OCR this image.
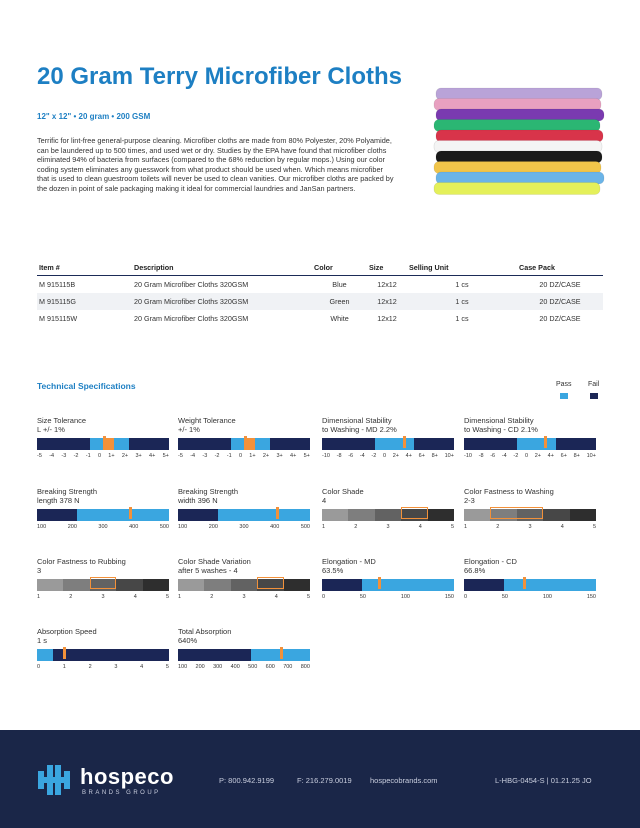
20 Gram Terry Microfiber Cloths
12" x 12" • 20 gram • 200 GSM
Terrific for lint-free general-purpose cleaning. Microfiber cloths are made from 80% Polyester, 20% Polyamide, can be laundered up to 500 times, and used wet or dry. Studies by the EPA have found that microfiber cloths eliminated 94% of bacteria from surfaces (compared to the 68% reduction by regular mops.) Using our color coding system eliminates any guesswork from what product should be used when. Which means microfiber that is used to clean guestroom toilets will never be used to clean vanities. Our microfiber cloths are packed by the dozen in point of sale packaging making it ideal for commercial laundries and JanSan partners.
Item #	Description	Color	Size	Selling Unit	Case Pack
M 915115B	20 Gram Microfiber Cloths 320GSM	Blue	12x12	1 cs	20 DZ/CASE
M 915115G	20 Gram Microfiber Cloths 320GSM	Green	12x12	1 cs	20 DZ/CASE
M 915115W	20 Gram Microfiber Cloths 320GSM	White	12x12	1 cs	20 DZ/CASE
Technical Specifications	Pass Fail
Size Tolerance
L +/- 1%
-5 -4 -3 -2 -1 0 1+ 2+ 3+ 4+ 5+
Weight Tolerance
+/- 1%
-5 -4 -3 -2 -1 0 1+ 2+ 3+ 4+ 5+
Dimensional Stability
to Washing - MD 2.2%
-10 -8 -6 -4 -2 0 2+ 4+ 6+ 8+ 10+
Dimensional Stability
to Washing - CD 2.1%
-10 -8 -6 -4 -2 0 2+ 4+ 6+ 8+ 10+
Breaking Strength
length 378 N
100	200	300	400	500
Breaking Strength
width 396 N
100	200	300	400	500
Color Shade
4
1	2	3	4	5
Color Fastness to Washing
2-3
1	2	3	4	5
Color Fastness to Rubbing
3
1	2	3	4	5
Color Shade Variation
after 5 washes - 4
1	2	3	4	5
Elongation - MD
63.5%
0	50	100	150
Elongation - CD
66.8%
0	50	100	150
Absorption Speed
1 s
0	1	2	3	4	5
Total Absorption
640%
100 200 300 400 500 600 700 800
hospeco
BRANDS GROUP
P: 800.942.9199	F: 216.279.0019 hospecobrands.com	L-HBG-0454-S | 01.21.25 JO
